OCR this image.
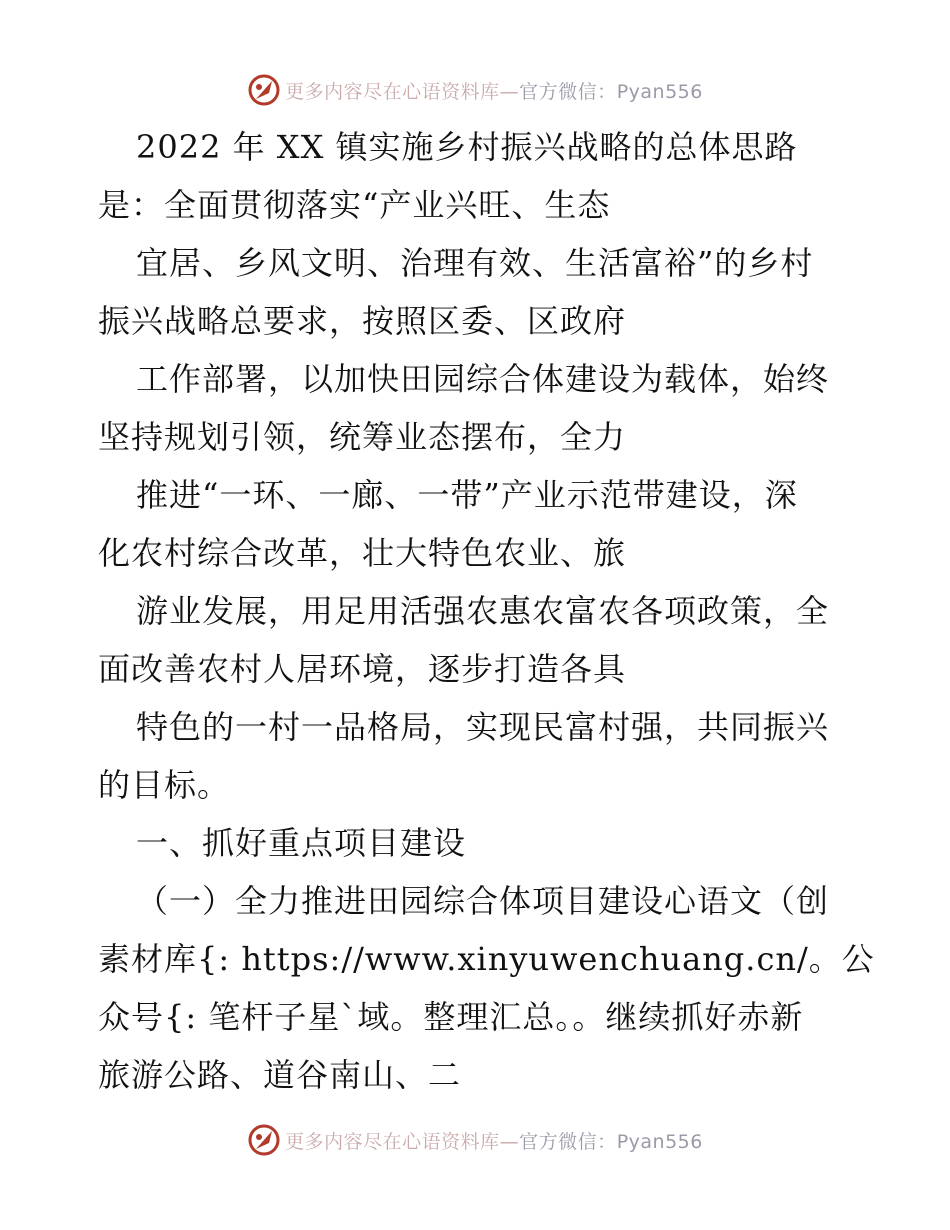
更多内容尽在心语资料库—官方微信：Pyan556
2022 年 XX 镇实施乡村振兴战略的总体思路
是：全面贯彻落实“产业兴旺、生态
宜居、乡风文明、治理有效、生活富裕”的乡村
振兴战略总要求，按照区委、区政府
工作部署，以加快田园综合体建设为载体，始终
坚持规划引领，统筹业态摆布，全力
推进“一环、一廊、一带”产业示范带建设，深
化农村综合改革，壮大特色农业、旅
游业发展，用足用活强农惠农富农各项政策，全
面改善农村人居环境，逐步打造各具
特色的一村一品格局，实现民富村强，共同振兴
的目标。
一、抓好重点项目建设
（一）全力推进田园综合体项目建设心语文（创
素材库{: https://www.xinyuwenchuang.cn/。公
众号{: 笔杆子星`域。整理汇总。。继续抓好赤新
旅游公路、道谷南山、二
更多内容尽在心语资料库—官方微信：Pyan556
